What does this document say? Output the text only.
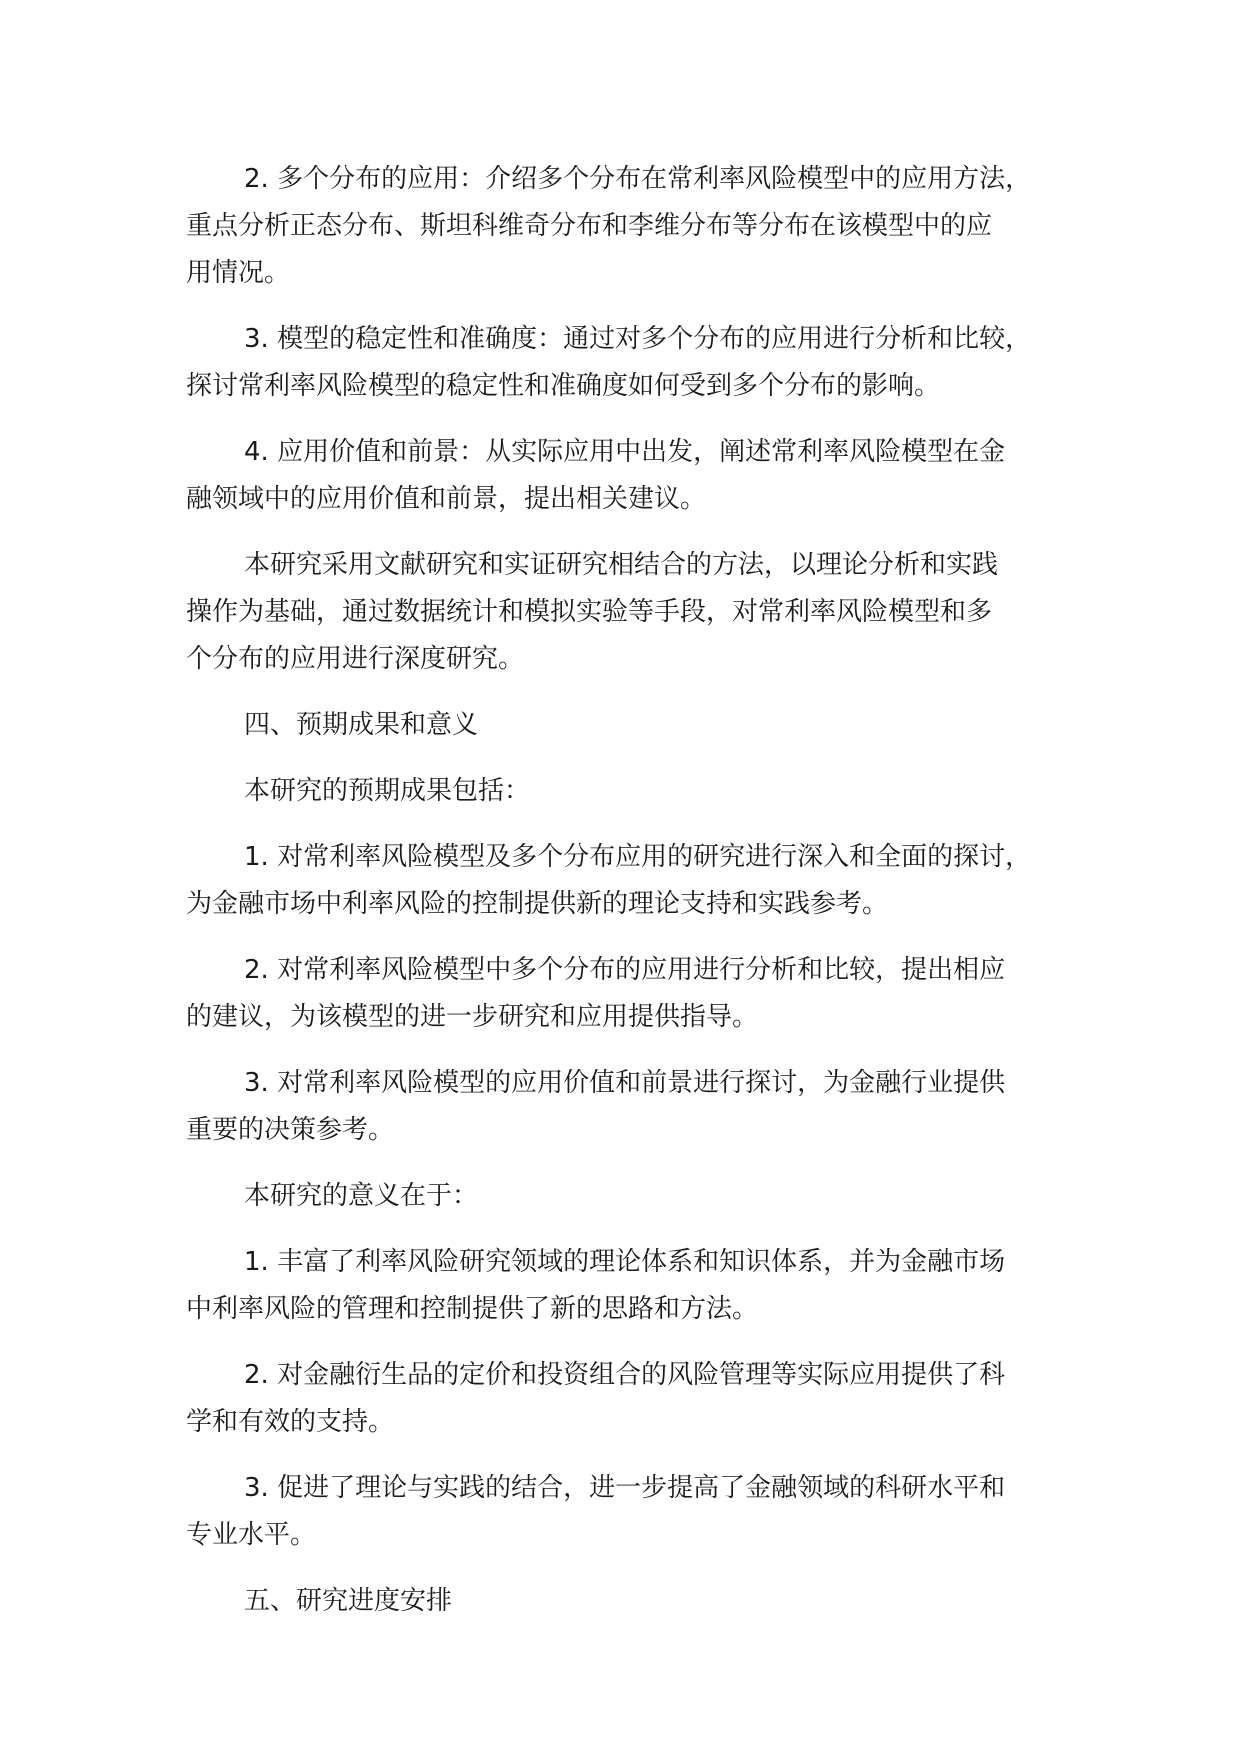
2. 多个分布的应用：介绍多个分布在常利率风险模型中的应用方法，
重点分析正态分布、斯坦科维奇分布和李维分布等分布在该模型中的应
用情况。

3. 模型的稳定性和准确度：通过对多个分布的应用进行分析和比较，
探讨常利率风险模型的稳定性和准确度如何受到多个分布的影响。

4. 应用价值和前景：从实际应用中出发，阐述常利率风险模型在金
融领域中的应用价值和前景，提出相关建议。

本研究采用文献研究和实证研究相结合的方法，以理论分析和实践
操作为基础，通过数据统计和模拟实验等手段，对常利率风险模型和多
个分布的应用进行深度研究。

四、预期成果和意义

本研究的预期成果包括：

1. 对常利率风险模型及多个分布应用的研究进行深入和全面的探讨，
为金融市场中利率风险的控制提供新的理论支持和实践参考。

2. 对常利率风险模型中多个分布的应用进行分析和比较，提出相应
的建议，为该模型的进一步研究和应用提供指导。

3. 对常利率风险模型的应用价值和前景进行探讨，为金融行业提供
重要的决策参考。

本研究的意义在于：

1. 丰富了利率风险研究领域的理论体系和知识体系，并为金融市场
中利率风险的管理和控制提供了新的思路和方法。

2. 对金融衍生品的定价和投资组合的风险管理等实际应用提供了科
学和有效的支持。

3. 促进了理论与实践的结合，进一步提高了金融领域的科研水平和
专业水平。

五、研究进度安排
